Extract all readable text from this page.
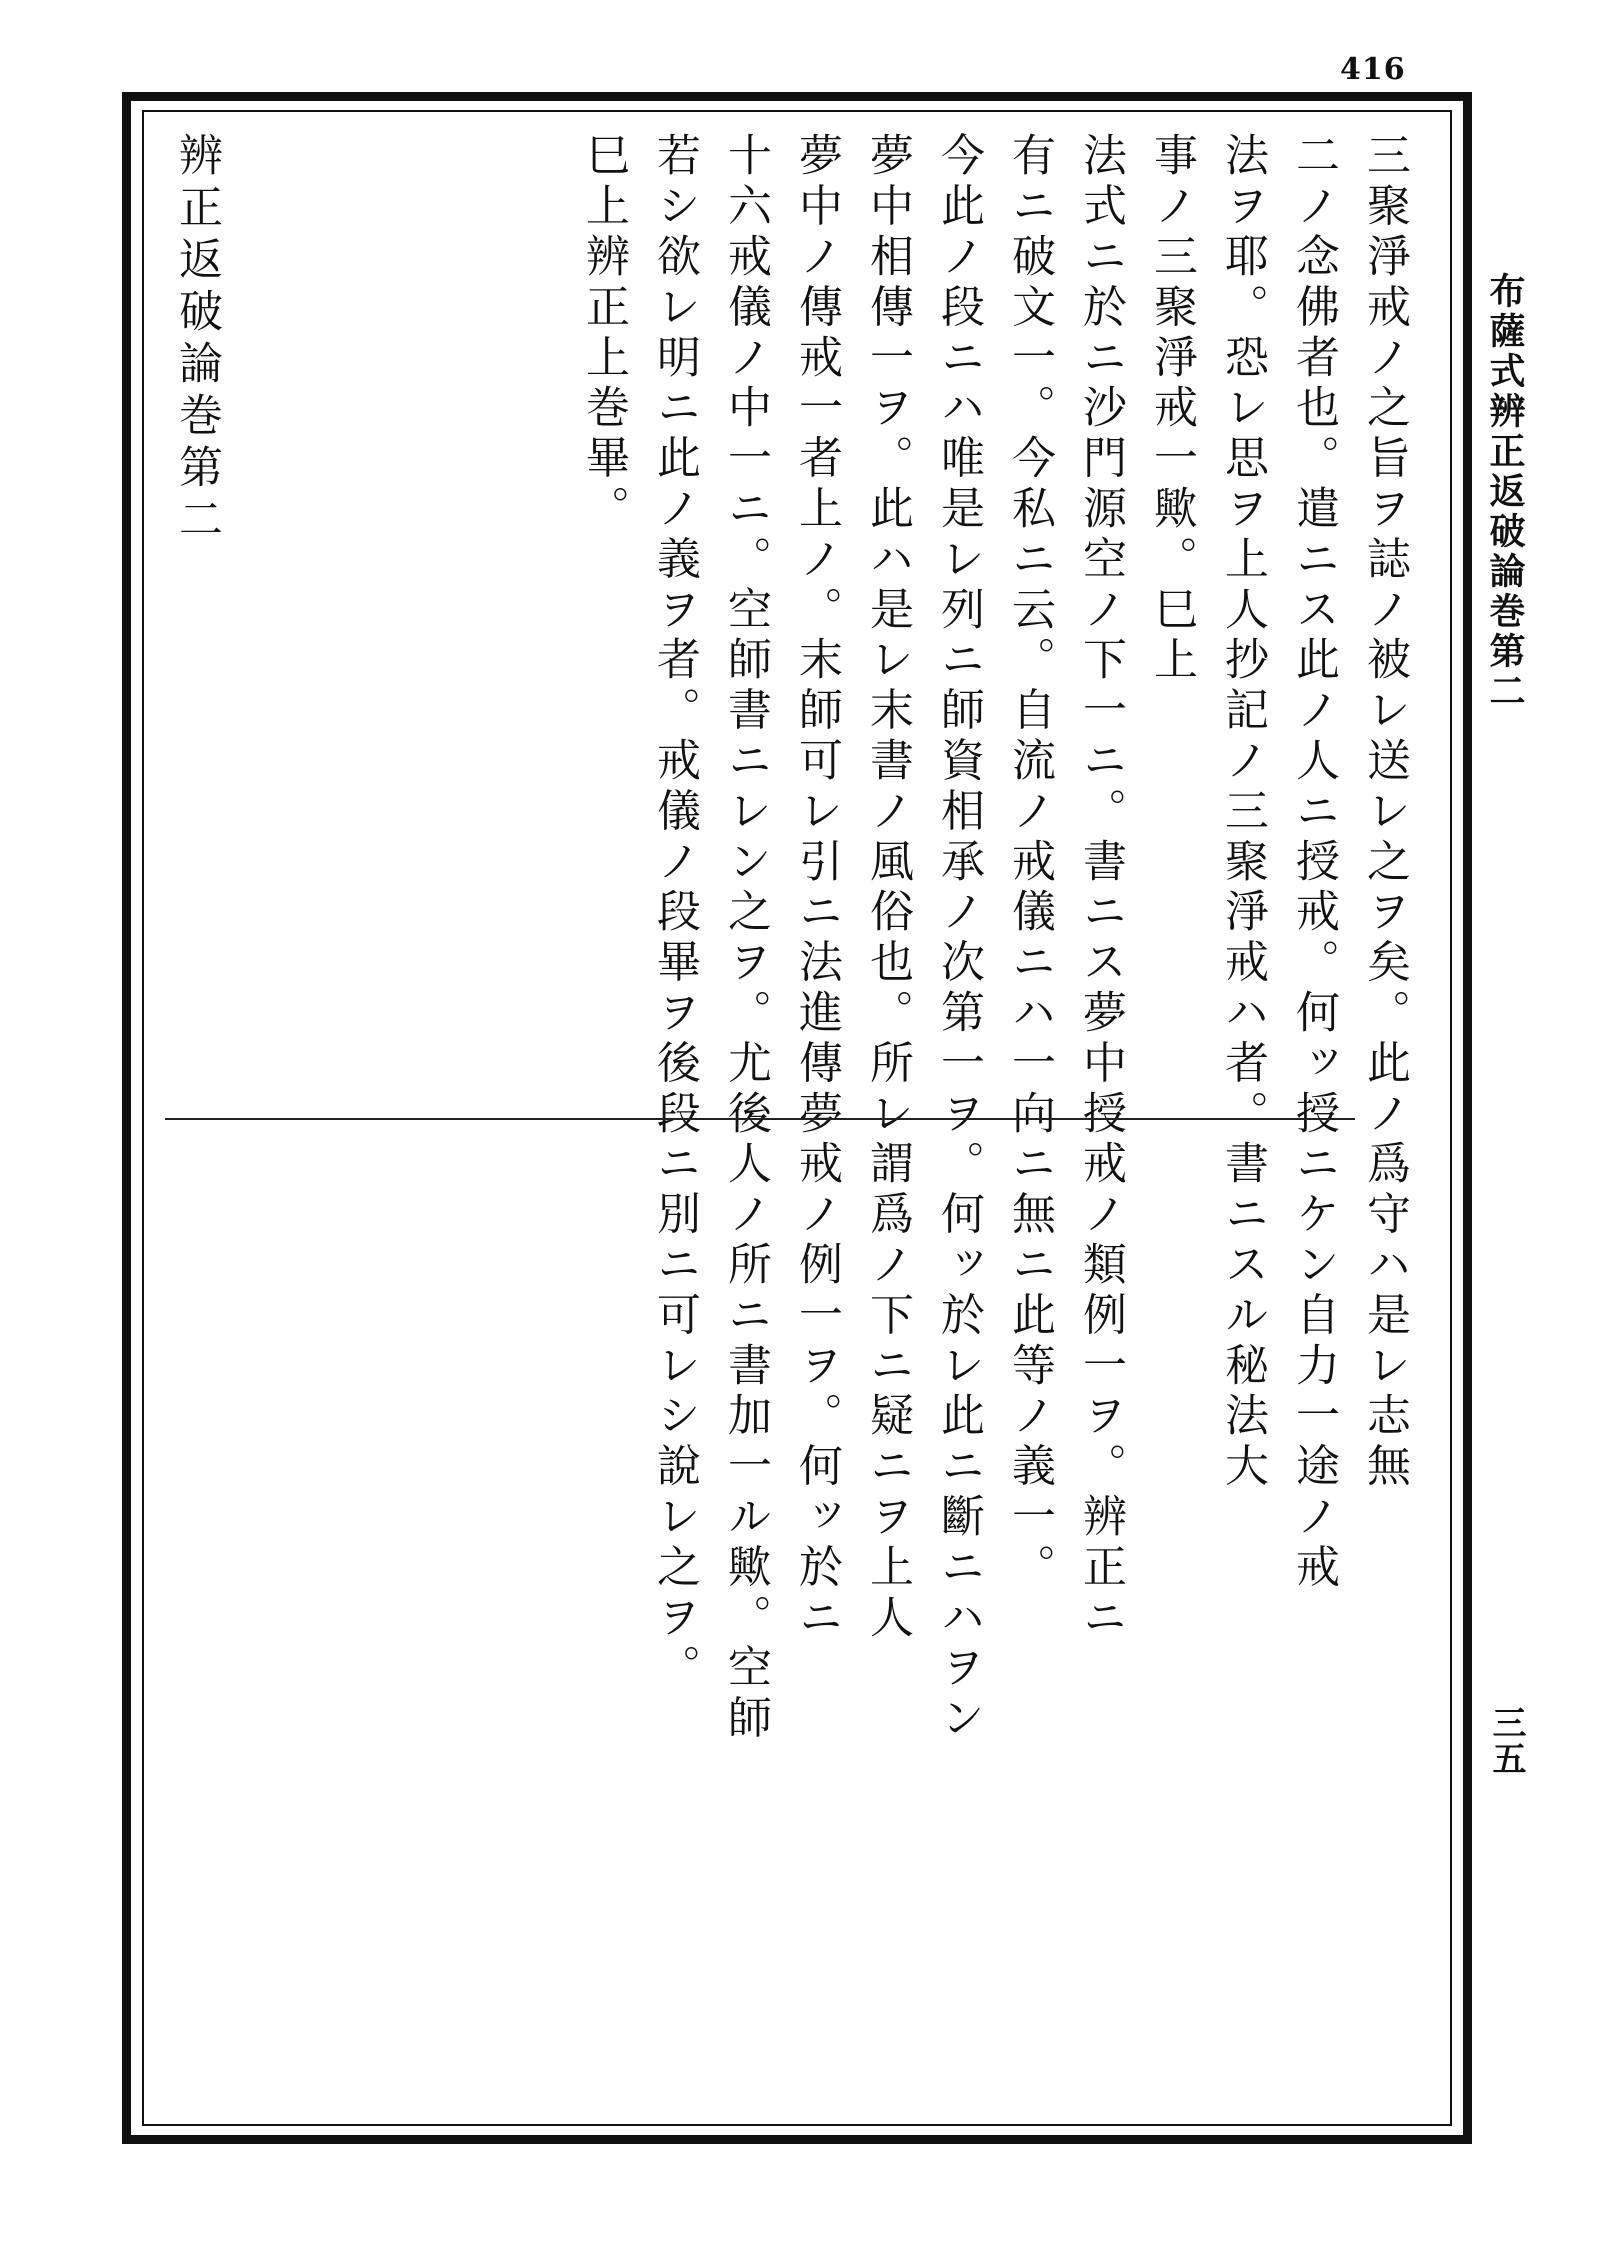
416
布薩式辨正返破論巻第二
三五
三聚淨戒ノ之旨ヲ誌ノ被レ送レ之ヲ矣。此ノ爲守ハ是レ志無
二ノ念佛者也。遣ニス此ノ人ニ授戒。何ッ授ニケン自力一途ノ戒
法ヲ耶。恐レ思ヲ上人抄記ノ三聚淨戒ハ者。書ニスル秘法大
事ノ三聚淨戒一歟。巳上
法式ニ於ニ沙門源空ノ下一ニ。書ニス夢中授戒ノ類例一ヲ。辨正ニ
有ニ破文一。今私ニ云。自流ノ戒儀ニハ一向ニ無ニ此等ノ義一。
今此ノ段ニハ唯是レ列ニ師資相承ノ次第一ヲ。何ッ於レ此ニ斷ニハヲン
夢中相傳一ヲ。此ハ是レ末書ノ風俗也。所レ謂爲ノ下ニ疑ニヲ上人
夢中ノ傳戒一者上ノ。末師可レ引ニ法進傳夢戒ノ例一ヲ。何ッ於ニ
十六戒儀ノ中一ニ。空師書ニレン之ヲ。尤後人ノ所ニ書加一ル歟。空師
若シ欲レ明ニ此ノ義ヲ者。戒儀ノ段畢ヲ後段ニ別ニ可レシ說レ之ヲ。
巳上辨正上巻畢。
辨正返破論巻第二
